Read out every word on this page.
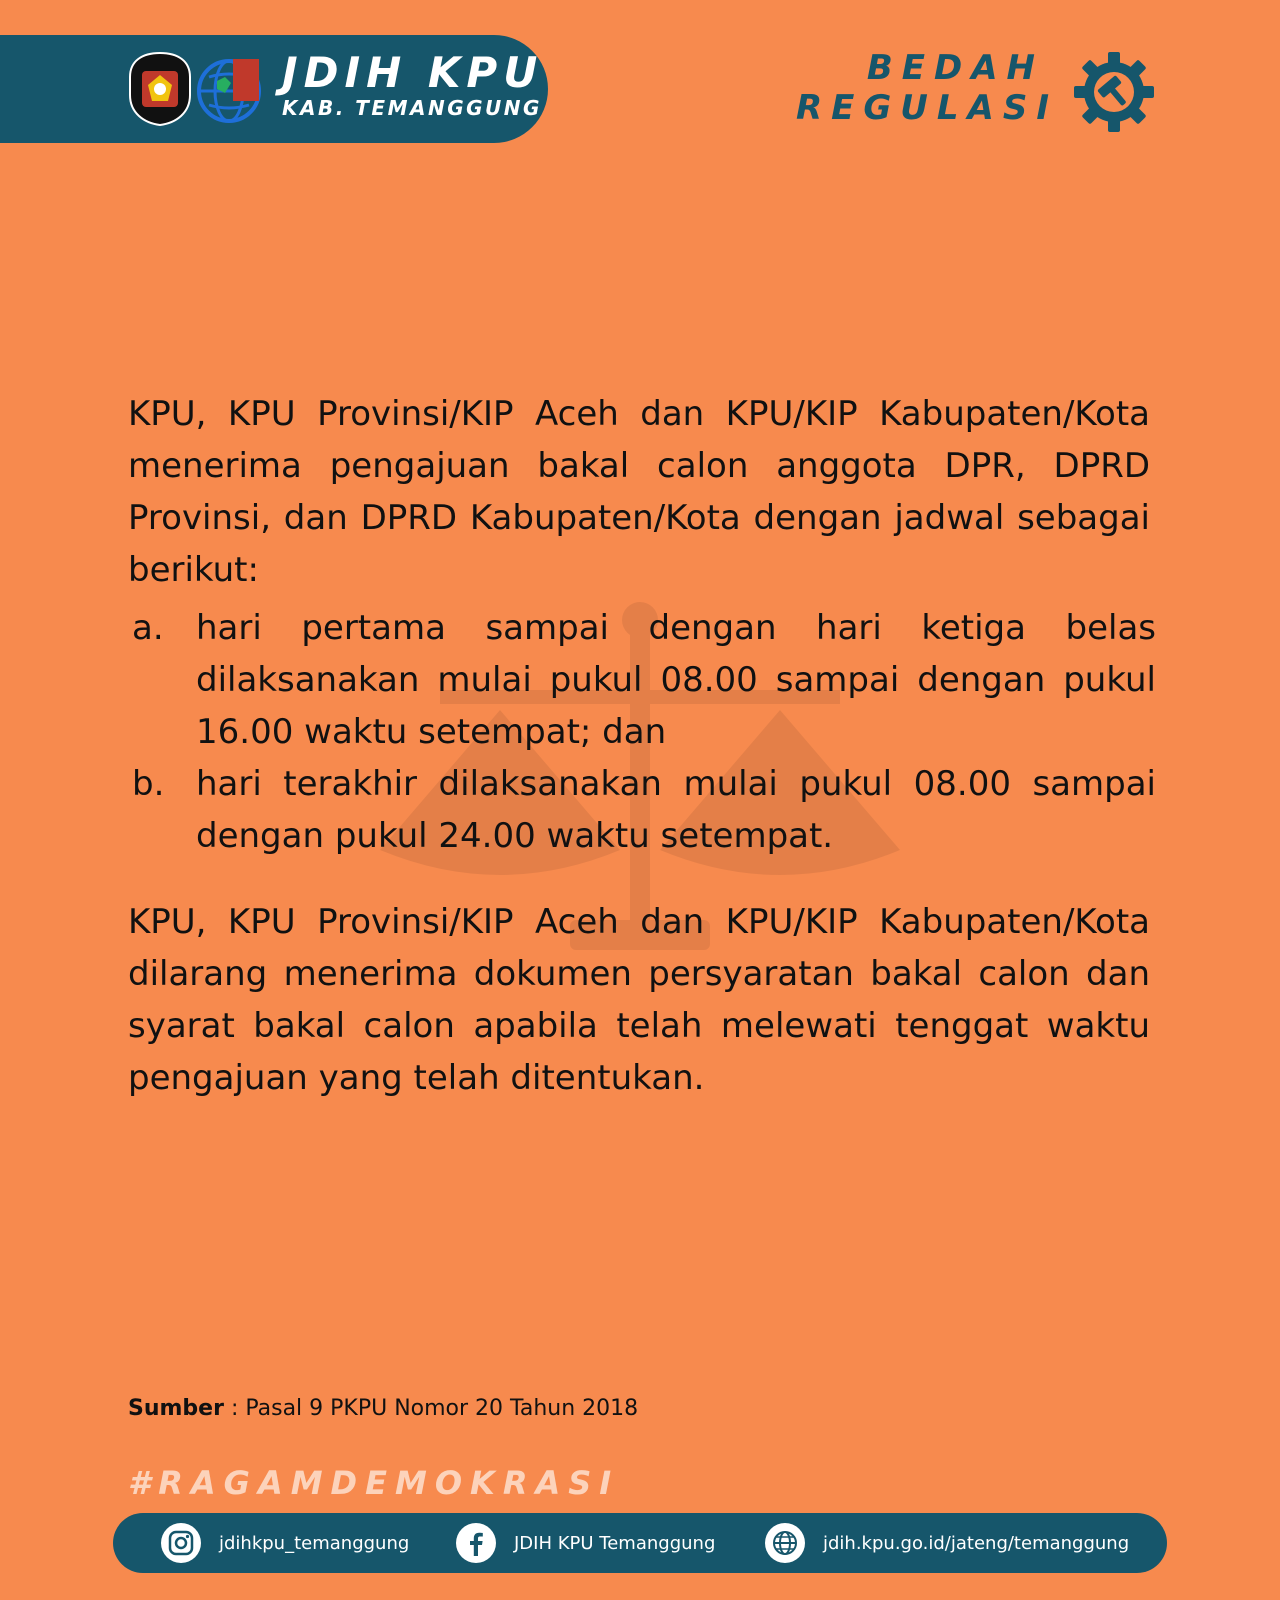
JDIH KPU
KAB. TEMANGGUNG
BEDAH
REGULASI
KPU, KPU Provinsi/KIP Aceh dan KPU/KIP Kabupaten/Kota menerima pengajuan bakal calon anggota DPR, DPRD Provinsi, dan DPRD Kabupaten/Kota dengan jadwal sebagai berikut:
a. hari pertama sampai dengan hari ketiga belas dilaksanakan mulai pukul 08.00 sampai dengan pukul 16.00 waktu setempat; dan
b. hari terakhir dilaksanakan mulai pukul 08.00 sampai dengan pukul 24.00 waktu setempat.
KPU, KPU Provinsi/KIP Aceh dan KPU/KIP Kabupaten/Kota dilarang menerima dokumen persyaratan bakal calon dan syarat bakal calon apabila telah melewati tenggat waktu pengajuan yang telah ditentukan.
Sumber : Pasal 9 PKPU Nomor 20 Tahun 2018
#RAGAMDEMOKRASI
jdihkpu_temanggung	JDIH KPU Temanggung	jdih.kpu.go.id/jateng/temanggung
